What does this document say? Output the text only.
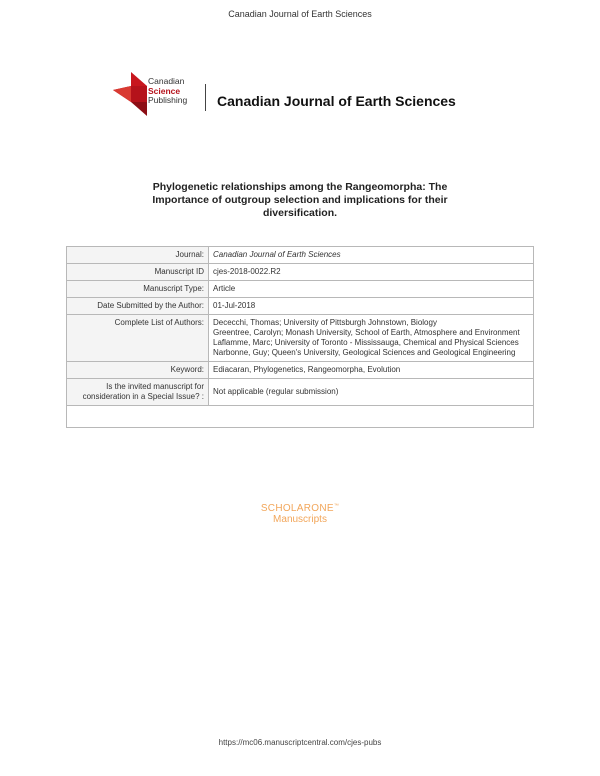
Canadian Journal of Earth Sciences
Canadian
Science
Publishing Canadian Journal of Earth Sciences
Phylogenetic relationships among the Rangeomorpha: The
Importance of outgroup selection and implications for their
diversification.
Journal:	Canadian Journal of Earth Sciences
Manuscript ID	cjes-2018-0022.R2
Manuscript Type:	Article
Date Submitted by the Author:	01-Jul-2018
Complete List of Authors:	Dececchi, Thomas; University of Pittsburgh Johnstown, Biology
Greentree, Carolyn; Monash University, School of Earth, Atmosphere and Environment
Laflamme, Marc; University of Toronto - Mississauga, Chemical and Physical Sciences
Narbonne, Guy; Queen's University, Geological Sciences and Geological Engineering

Keyword:	Ediacaran, Phylogenetics, Rangeomorpha, Evolution
Is the invited manuscript for consideration in a Special Issue? :	Not applicable (regular submission)

SCHOLARONE™
Manuscripts
https://mc06.manuscriptcentral.com/cjes-pubs
